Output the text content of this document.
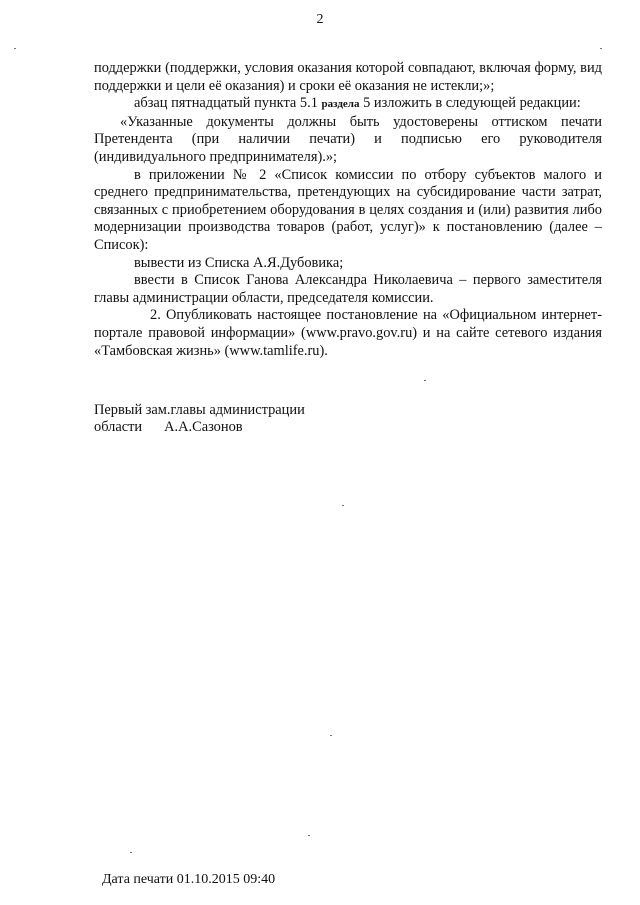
2

поддержки (поддержки, условия оказания которой совпадают, включая форму, вид поддержки и цели её оказания) и сроки её оказания не истекли;»;

абзац пятнадцатый пункта 5.1 раздела 5 изложить в следующей редакции:

«Указанные документы должны быть удостоверены оттиском печати Претендента (при наличии печати) и подписью его руководителя (индивидуального предпринимателя).»;

в приложении № 2 «Список комиссии по отбору субъектов малого и среднего предпринимательства, претендующих на субсидирование части затрат, связанных с приобретением оборудования в целях создания и (или) развития либо модернизации производства товаров (работ, услуг)» к постановлению (далее – Список):

вывести из Списка А.Я.Дубовика;

ввести в Список Ганова Александра Николаевича – первого заместителя главы администрации области, председателя комиссии.

2. Опубликовать настоящее постановление на «Официальном интернет-портале правовой информации» (www.pravo.gov.ru) и на сайте сетевого издания «Тамбовская жизнь» (www.tamlife.ru).

Первый зам.главы администрации
области А.А.Сазонов
Дата печати 01.10.2015 09:40
